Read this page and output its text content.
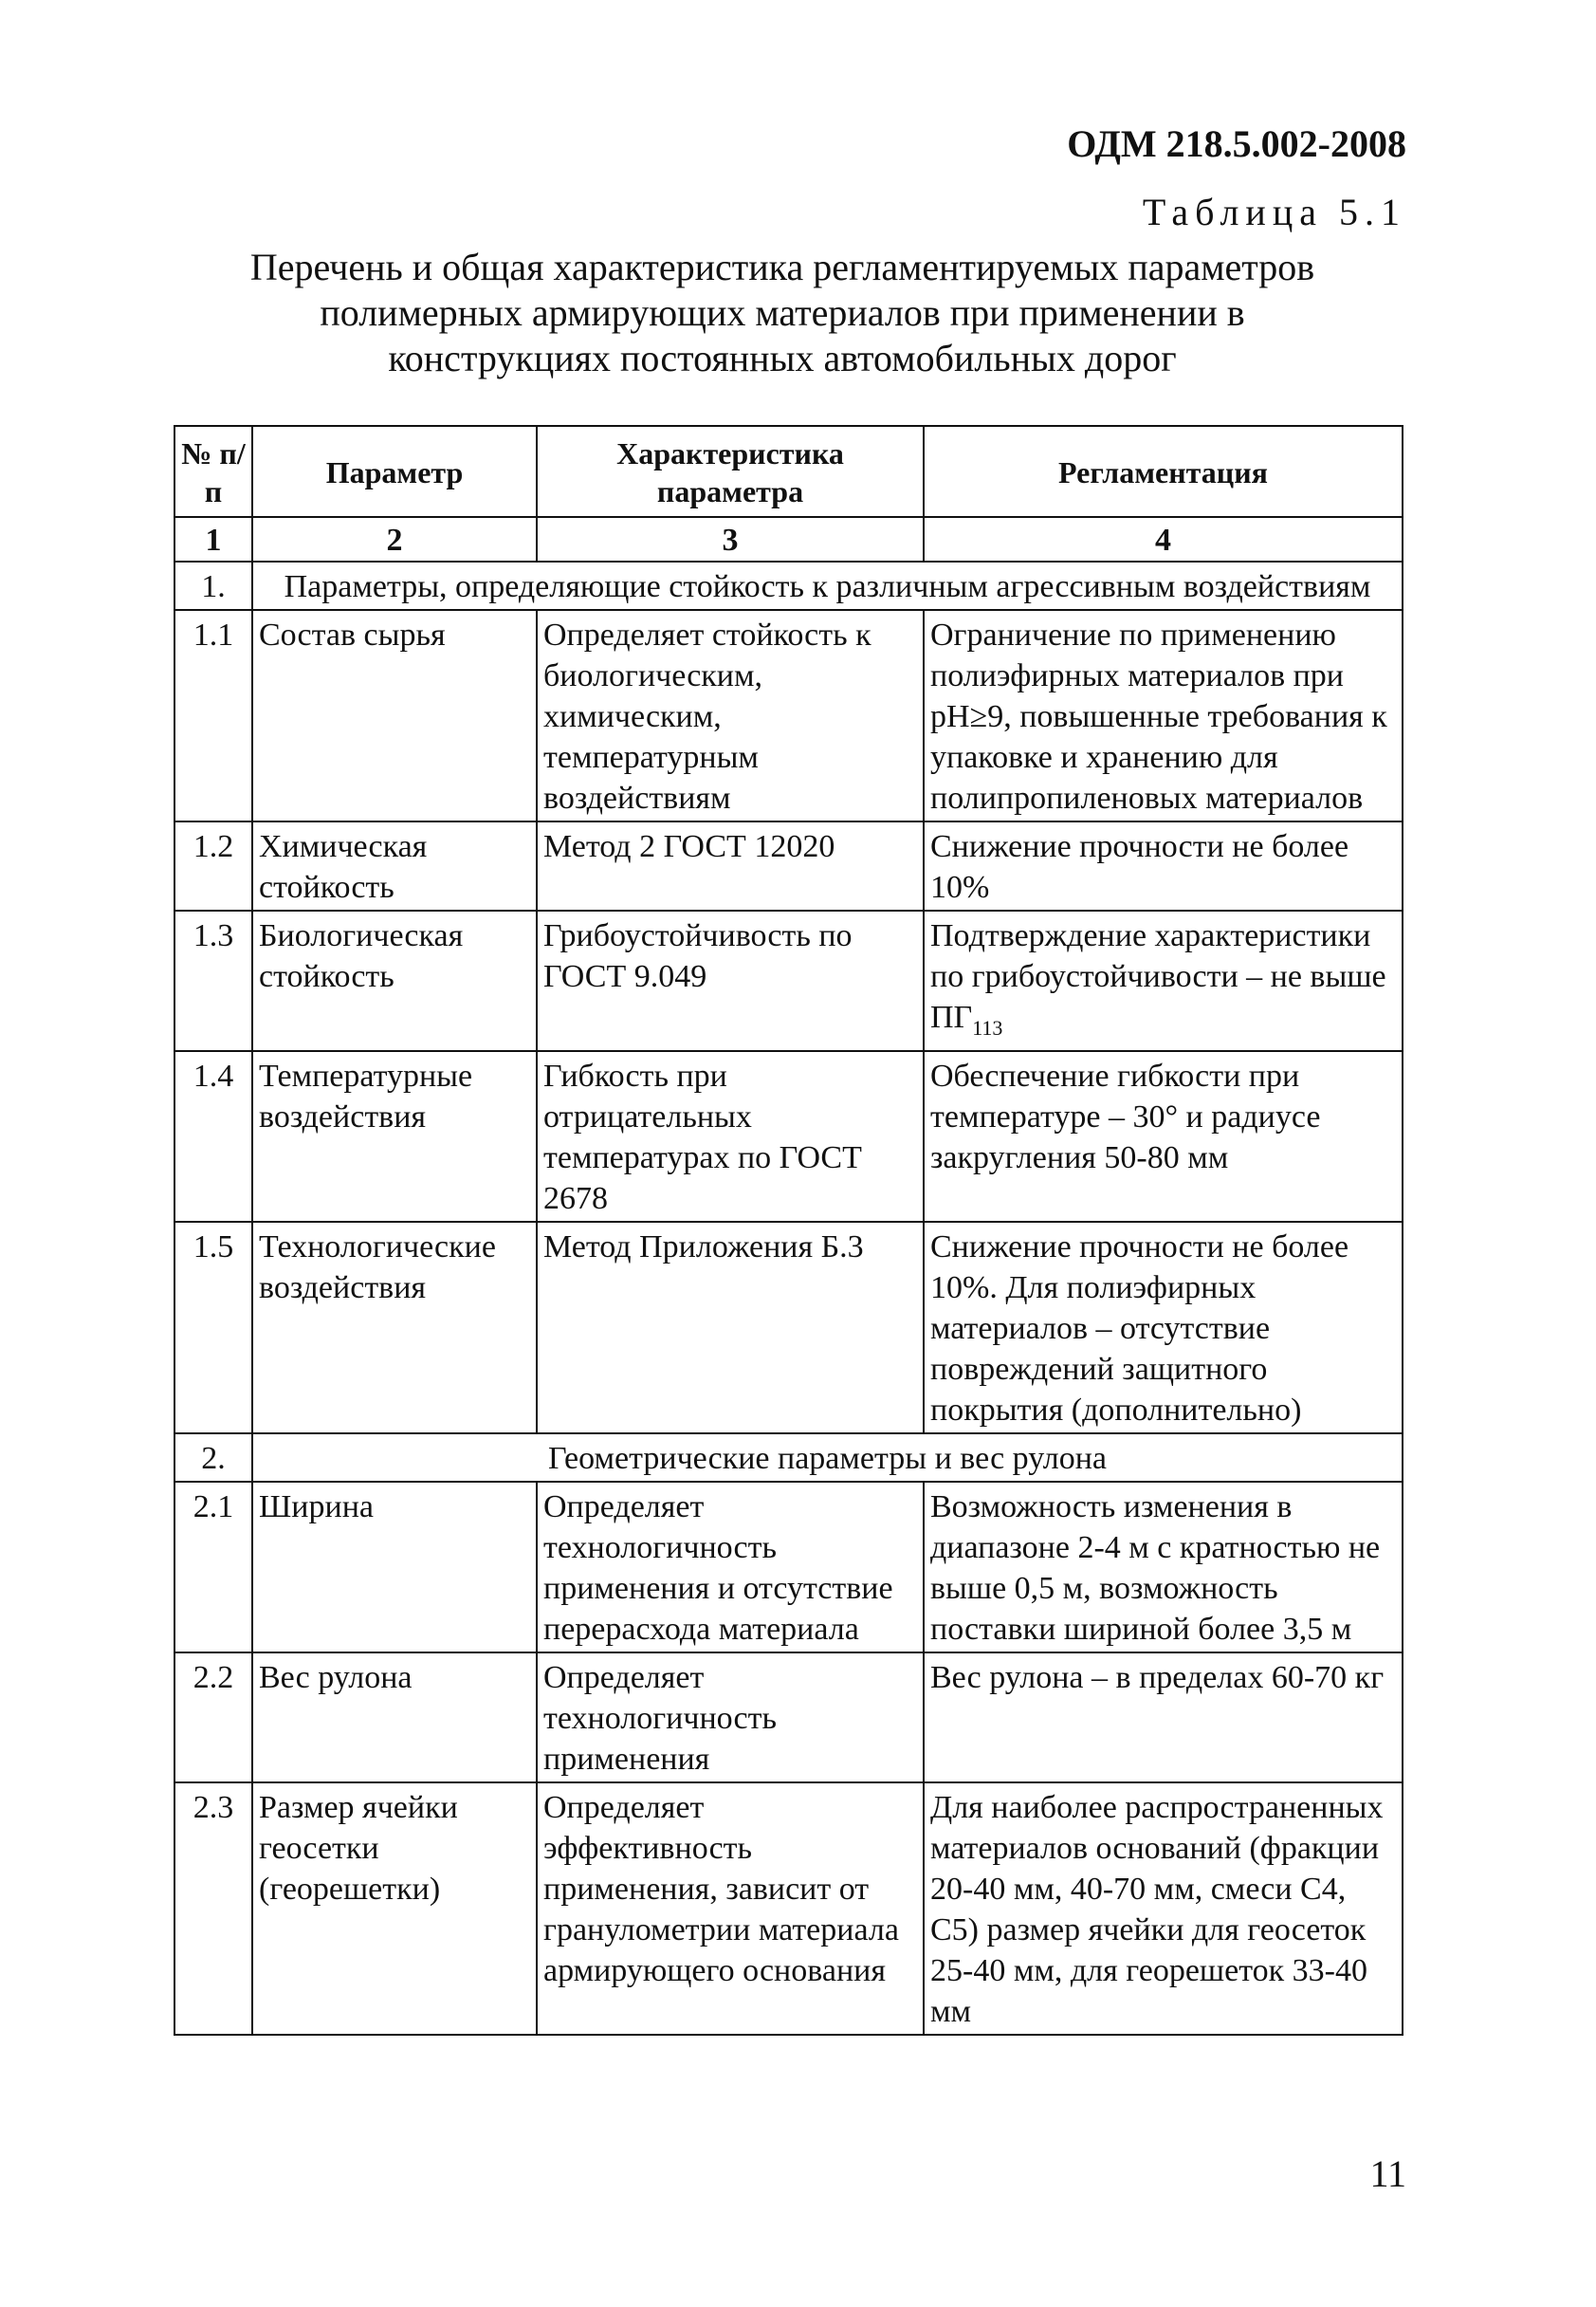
ОДМ 218.5.002-2008
Таблица 5.1
Перечень и общая характеристика регламентируемых параметров
полимерных армирующих материалов при применении в
конструкциях постоянных автомобильных дорог
№ п/п	Параметр	Характеристика параметра	Регламентация
1	2	3	4
1.	Параметры, определяющие стойкость к различным агрессивным воздействиям		
1.1	Состав сырья	Определяет стойкость к биологическим, химическим, температурным воздействиям	Ограничение по применению полиэфирных материалов при pH≥9, повышенные требования к упаковке и хранению для полипропиленовых материалов
1.2	Химическая стойкость	Метод 2 ГОСТ 12020	Снижение прочности не более 10%
1.3	Биологическая стойкость	Грибоустойчивость по ГОСТ 9.049	Подтверждение характеристики по грибоустойчивости – не выше $ПГ_{113}$
1.4	Температурные воздействия	Гибкость при отрицательных температурах по ГОСТ 2678	Обеспечение гибкости при температуре – 30° и радиусе закругления 50-80 мм
1.5	Технологические воздействия	Метод Приложения Б.3	Снижение прочности не более 10%. Для полиэфирных материалов – отсутствие повреждений защитного покрытия (дополнительно)
2.	Геометрические параметры и вес рулона		
2.1	Ширина	Определяет технологичность применения и отсутствие перерасхода материала	Возможность изменения в диапазоне 2-4 м с кратностью не выше 0,5 м, возможность поставки шириной более 3,5 м
2.2	Вес рулона	Определяет технологичность применения	Вес рулона – в пределах 60-70 кг
2.3	Размер ячейки геосетки (георешетки)	Определяет эффективность применения, зависит от гранулометрии материала армирующего основания	Для наиболее распространенных материалов оснований (фракции 20-40 мм, 40-70 мм, смеси С4, С5) размер ячейки для геосеток 25-40 мм, для георешеток 33-40 мм
11
